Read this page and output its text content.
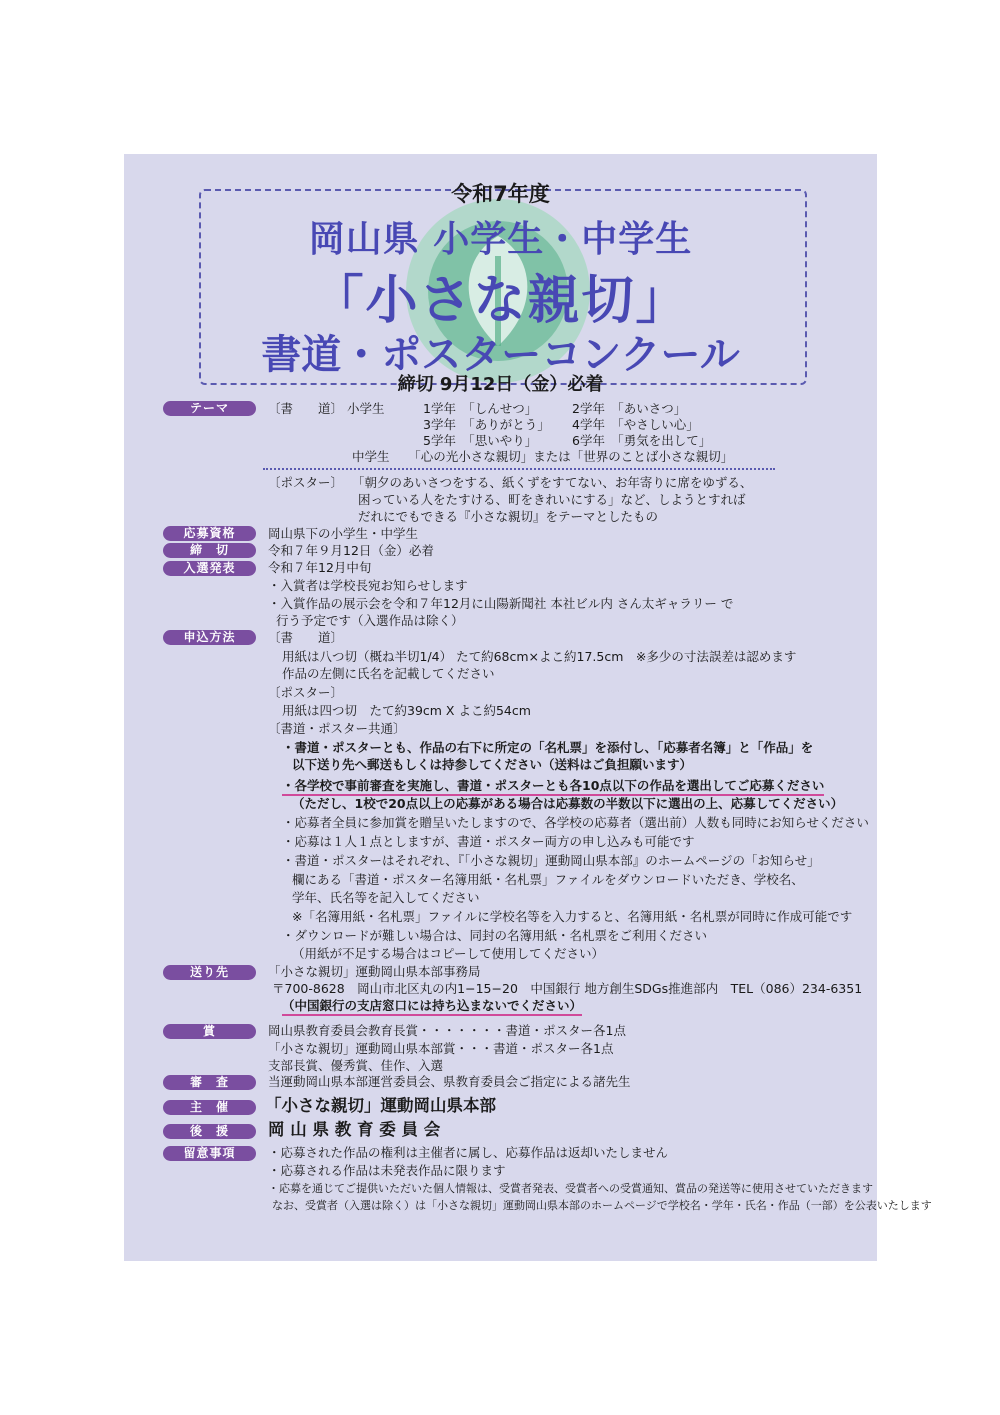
令和7年度
岡山県 小学生・中学生
「小さな親切」
書道・ポスターコンクール
締切 9月12日（金）必着
テーマ	〔書　　道〕 小学生	1学年　「しんせつ」	2学年　「あいさつ」
3学年　「ありがとう」 4学年　「やさしい心」
5学年　「思いやり」	6学年　「勇気を出して」
中学生　　「心の光小さな親切」または「世界のことば小さな親切」
〔ポスター〕 「朝夕のあいさつをする、紙くずをすてない、お年寄りに席をゆずる、
困っている人をたすける、町をきれいにする」など、しようとすれば
だれにでもできる『小さな親切』をテーマとしたもの
応募資格	岡山県下の小学生・中学生
締　切	令和７年９月12日（金）必着
入選発表	令和７年12月中旬
・入賞者は学校長宛お知らせします
・入賞作品の展示会を令和７年12月に山陽新聞社 本社ビル内 さん太ギャラリー で
行う予定です（入選作品は除く）
申込方法	〔書　　道〕
用紙は八つ切（概ね半切1/4） たて約68cm×よこ約17.5cm　※多少の寸法誤差は認めます
作品の左側に氏名を記載してください
〔ポスター〕
用紙は四つ切　たて約39cm X よこ約54cm
〔書道・ポスター共通〕
・書道・ポスターとも、作品の右下に所定の「名札票」を添付し、「応募者名簿」と「作品」を
以下送り先へ郵送もしくは持参してください（送料はご負担願います）
・各学校で事前審査を実施し、書道・ポスターとも各10点以下の作品を選出してご応募ください
（ただし、1校で20点以上の応募がある場合は応募数の半数以下に選出の上、応募してください）
・応募者全員に参加賞を贈呈いたしますので、各学校の応募者（選出前）人数も同時にお知らせください
・応募は１人１点としますが、書道・ポスター両方の申し込みも可能です
・書道・ポスターはそれぞれ、『「小さな親切」運動岡山県本部』のホームページの「お知らせ」
欄にある「書道・ポスター名簿用紙・名札票」ファイルをダウンロードいただき、学校名、
学年、氏名等を記入してください
※「名簿用紙・名札票」ファイルに学校名等を入力すると、名簿用紙・名札票が同時に作成可能です
・ダウンロードが難しい場合は、同封の名簿用紙・名札票をご利用ください
（用紙が不足する場合はコピーして使用してください）
送り先	「小さな親切」運動岡山県本部事務局
〒700-8628　岡山市北区丸の内1−15−20　中国銀行 地方創生SDGs推進部内　TEL（086）234-6351
（中国銀行の支店窓口には持ち込まないでください）
賞	岡山県教育委員会教育長賞・・・・・・・書道・ポスター各1点
「小さな親切」運動岡山県本部賞・・・書道・ポスター各1点
支部長賞、優秀賞、佳作、入選
審　査	当運動岡山県本部運営委員会、県教育委員会ご指定による諸先生
主　催	「小さな親切」運動岡山県本部
後　援	岡 山 県 教 育 委 員 会
留意事項	・応募された作品の権利は主催者に属し、応募作品は返却いたしません
・応募される作品は未発表作品に限ります
・応募を通じてご提供いただいた個人情報は、受賞者発表、受賞者への受賞通知、賞品の発送等に使用させていただきます
なお、受賞者（入選は除く）は「小さな親切」運動岡山県本部のホームページで学校名・学年・氏名・作品（一部）を公表いたします
